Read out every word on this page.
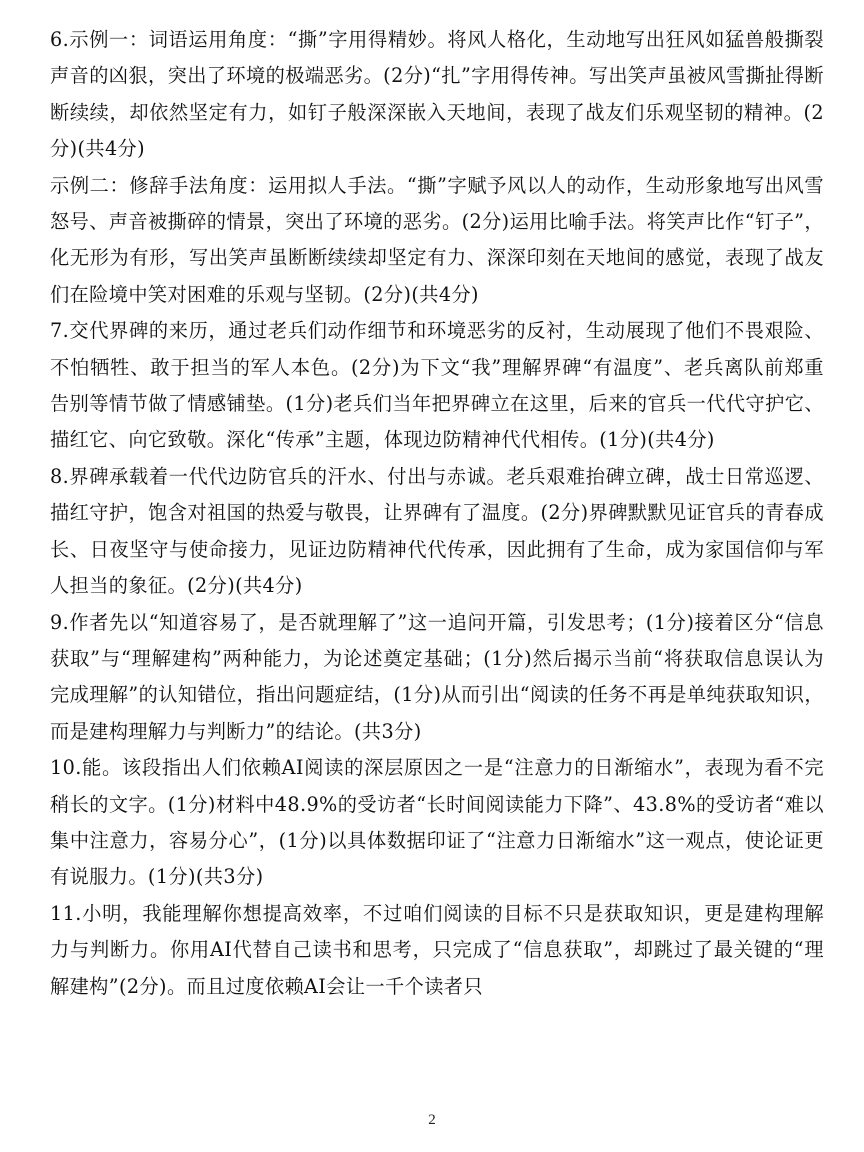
6.示例一：词语运用角度：“撕”字用得精妙。将风人格化，生动地写出狂风如猛兽般撕裂声音的凶狠，突出了环境的极端恶劣。(2分)“扎”字用得传神。写出笑声虽被风雪撕扯得断断续续，却依然坚定有力，如钉子般深深嵌入天地间，表现了战友们乐观坚韧的精神。(2分)(共4分)

示例二：修辞手法角度：运用拟人手法。“撕”字赋予风以人的动作，生动形象地写出风雪怒号、声音被撕碎的情景，突出了环境的恶劣。(2分)运用比喻手法。将笑声比作“钉子”，化无形为有形，写出笑声虽断断续续却坚定有力、深深印刻在天地间的感觉，表现了战友们在险境中笑对困难的乐观与坚韧。(2分)(共4分)

7.交代界碑的来历，通过老兵们动作细节和环境恶劣的反衬，生动展现了他们不畏艰险、不怕牺牲、敢于担当的军人本色。(2分)为下文“我”理解界碑“有温度”、老兵离队前郑重告别等情节做了情感铺垫。(1分)老兵们当年把界碑立在这里，后来的官兵一代代守护它、描红它、向它致敬。深化“传承”主题，体现边防精神代代相传。(1分)(共4分)

8.界碑承载着一代代边防官兵的汗水、付出与赤诚。老兵艰难抬碑立碑，战士日常巡逻、描红守护，饱含对祖国的热爱与敬畏，让界碑有了温度。(2分)界碑默默见证官兵的青春成长、日夜坚守与使命接力，见证边防精神代代传承，因此拥有了生命，成为家国信仰与军人担当的象征。(2分)(共4分)

9.作者先以“知道容易了，是否就理解了”这一追问开篇，引发思考；(1分)接着区分“信息获取”与“理解建构”两种能力，为论述奠定基础；(1分)然后揭示当前“将获取信息误认为完成理解”的认知错位，指出问题症结，(1分)从而引出“阅读的任务不再是单纯获取知识，而是建构理解力与判断力”的结论。(共3分)

10.能。该段指出人们依赖AI阅读的深层原因之一是“注意力的日渐缩水”，表现为看不完稍长的文字。(1分)材料中48.9%的受访者“长时间阅读能力下降”、43.8%的受访者“难以集中注意力，容易分心”，(1分)以具体数据印证了“注意力日渐缩水”这一观点，使论证更有说服力。(1分)(共3分)

11.小明，我能理解你想提高效率，不过咱们阅读的目标不只是获取知识，更是建构理解力与判断力。你用AI代替自己读书和思考，只完成了“信息获取”，却跳过了最关键的“理解建构”(2分)。而且过度依赖AI会让一千个读者只

2
